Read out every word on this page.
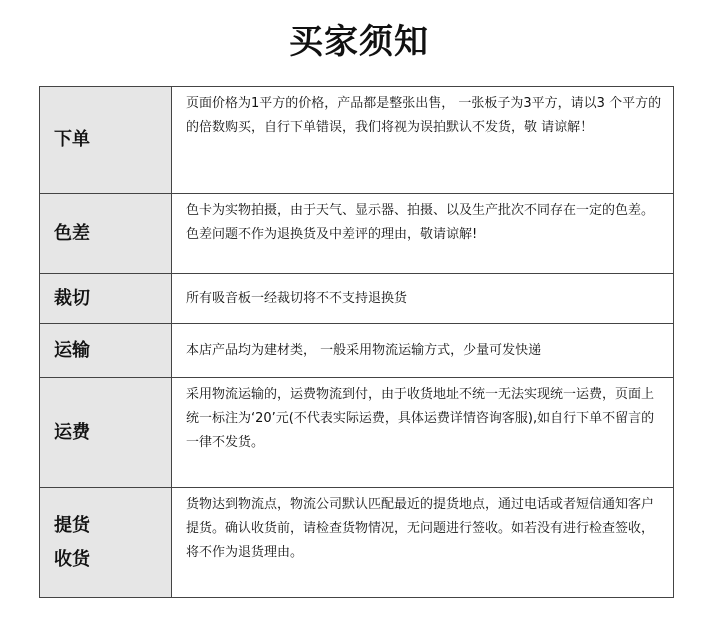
买家须知
下单	页面价格为1平方的价格，产品都是整张出售， 一张板子为3平方，请以3 个平方的的倍数购买，自行下单错误，我们将视为误拍默认不发货，敬 请谅解！

色差	色卡为实物拍摄，由于天气、显示器、拍摄、以及生产批次不同存在一定的色差。色差问题不作为退换货及中差评的理由，敬请谅解!

裁切	所有吸音板一经裁切将不不支持退换货

运输	本店产品均为建材类， 一般采用物流运输方式，少量可发快递

运费	采用物流运输的，运费物流到付，由于收货地址不统一无法实现统一运费，页面上统一标注为‘20’元(不代表实际运费，具体运费详情咨询客服),如自行下单不留言的一律不发货。

提货
收货	货物达到物流点，物流公司默认匹配最近的提货地点，通过电话或者短信通知客户提货。确认收货前，请检查货物情况，无问题进行签收。如若没有进行检查签收，将不作为退货理由。
